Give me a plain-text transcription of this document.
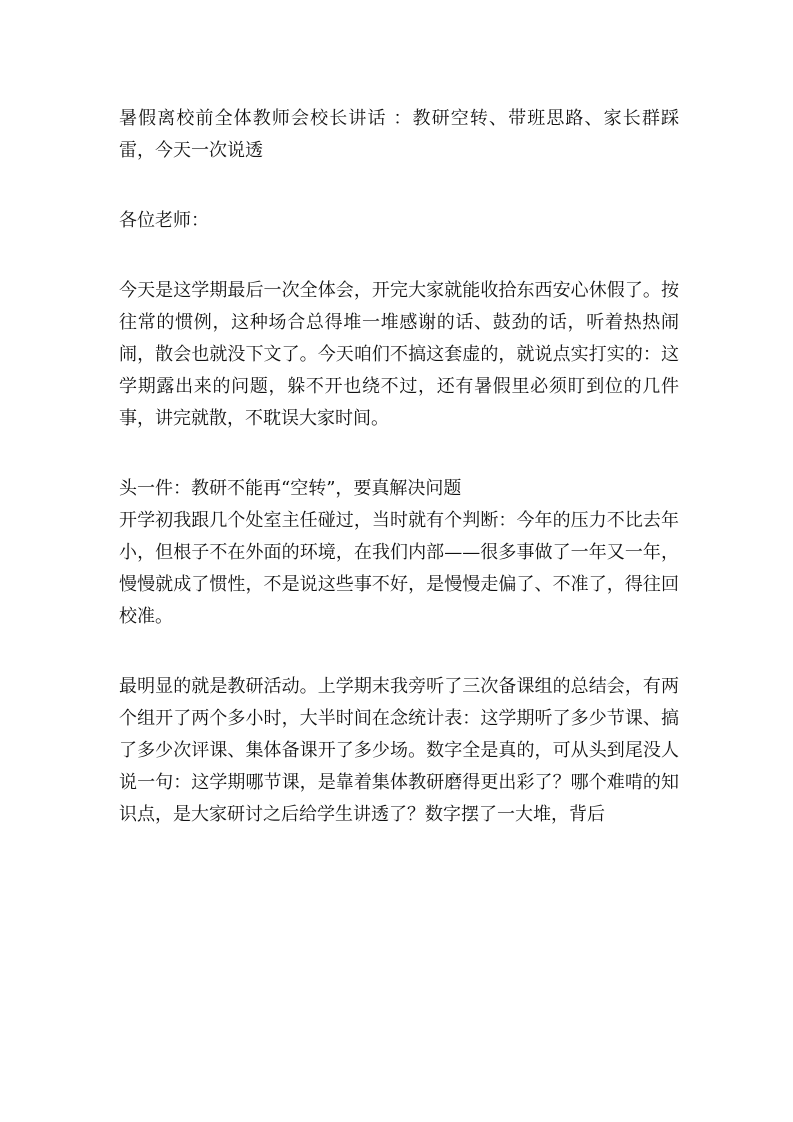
暑假离校前全体教师会校长讲话 ：教研空转、带班思路、家长群踩雷，今天一次说透

各位老师：

今天是这学期最后一次全体会，开完大家就能收拾东西安心休假了。按往常的惯例，这种场合总得堆一堆感谢的话、鼓劲的话，听着热热闹闹，散会也就没下文了。今天咱们不搞这套虚的，就说点实打实的：这学期露出来的问题，躲不开也绕不过，还有暑假里必须盯到位的几件事，讲完就散，不耽误大家时间。

头一件：教研不能再“空转”，要真解决问题

开学初我跟几个处室主任碰过，当时就有个判断：今年的压力不比去年小，但根子不在外面的环境，在我们内部——很多事做了一年又一年，慢慢就成了惯性，不是说这些事不好，是慢慢走偏了、不准了，得往回校准。

最明显的就是教研活动。上学期末我旁听了三次备课组的总结会，有两个组开了两个多小时，大半时间在念统计表：这学期听了多少节课、搞了多少次评课、集体备课开了多少场。数字全是真的，可从头到尾没人说一句：这学期哪节课，是靠着集体教研磨得更出彩了？哪个难啃的知识点，是大家研讨之后给学生讲透了？数字摆了一大堆，背后
